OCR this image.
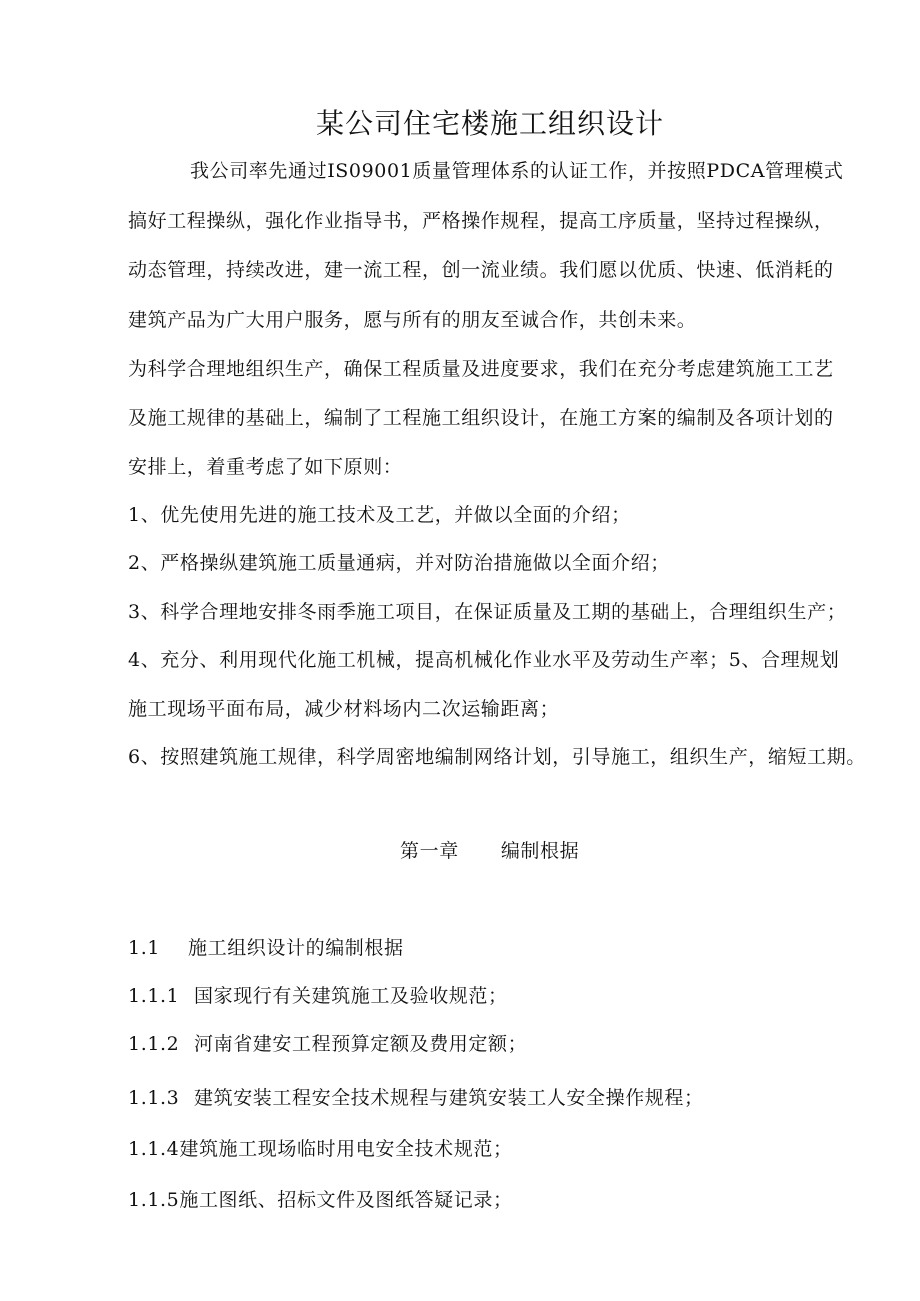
某公司住宅楼施工组织设计
我公司率先通过IS09001质量管理体系的认证工作，并按照PDCA管理模式
搞好工程操纵，强化作业指导书，严格操作规程，提高工序质量，坚持过程操纵，
动态管理，持续改进，建一流工程，创一流业绩。我们愿以优质、快速、低消耗的
建筑产品为广大用户服务，愿与所有的朋友至诚合作，共创未来。
为科学合理地组织生产，确保工程质量及进度要求，我们在充分考虑建筑施工工艺
及施工规律的基础上，编制了工程施工组织设计，在施工方案的编制及各项计划的
安排上，着重考虑了如下原则：
1、优先使用先进的施工技术及工艺，并做以全面的介绍；
2、严格操纵建筑施工质量通病，并对防治措施做以全面介绍；
3、科学合理地安排冬雨季施工项目，在保证质量及工期的基础上，合理组织生产；
4、充分、利用现代化施工机械，提高机械化作业水平及劳动生产率；5、合理规划
施工现场平面布局，减少材料场内二次运输距离；
6、按照建筑施工规律，科学周密地编制网络计划，引导施工，组织生产，缩短工期。
第一章 编制根据
1.1 施工组织设计的编制根据
1.1.1 国家现行有关建筑施工及验收规范；
1.1.2 河南省建安工程预算定额及费用定额；
1.1.3 建筑安装工程安全技术规程与建筑安装工人安全操作规程；
1.1.4建筑施工现场临时用电安全技术规范；
1.1.5施工图纸、招标文件及图纸答疑记录；
